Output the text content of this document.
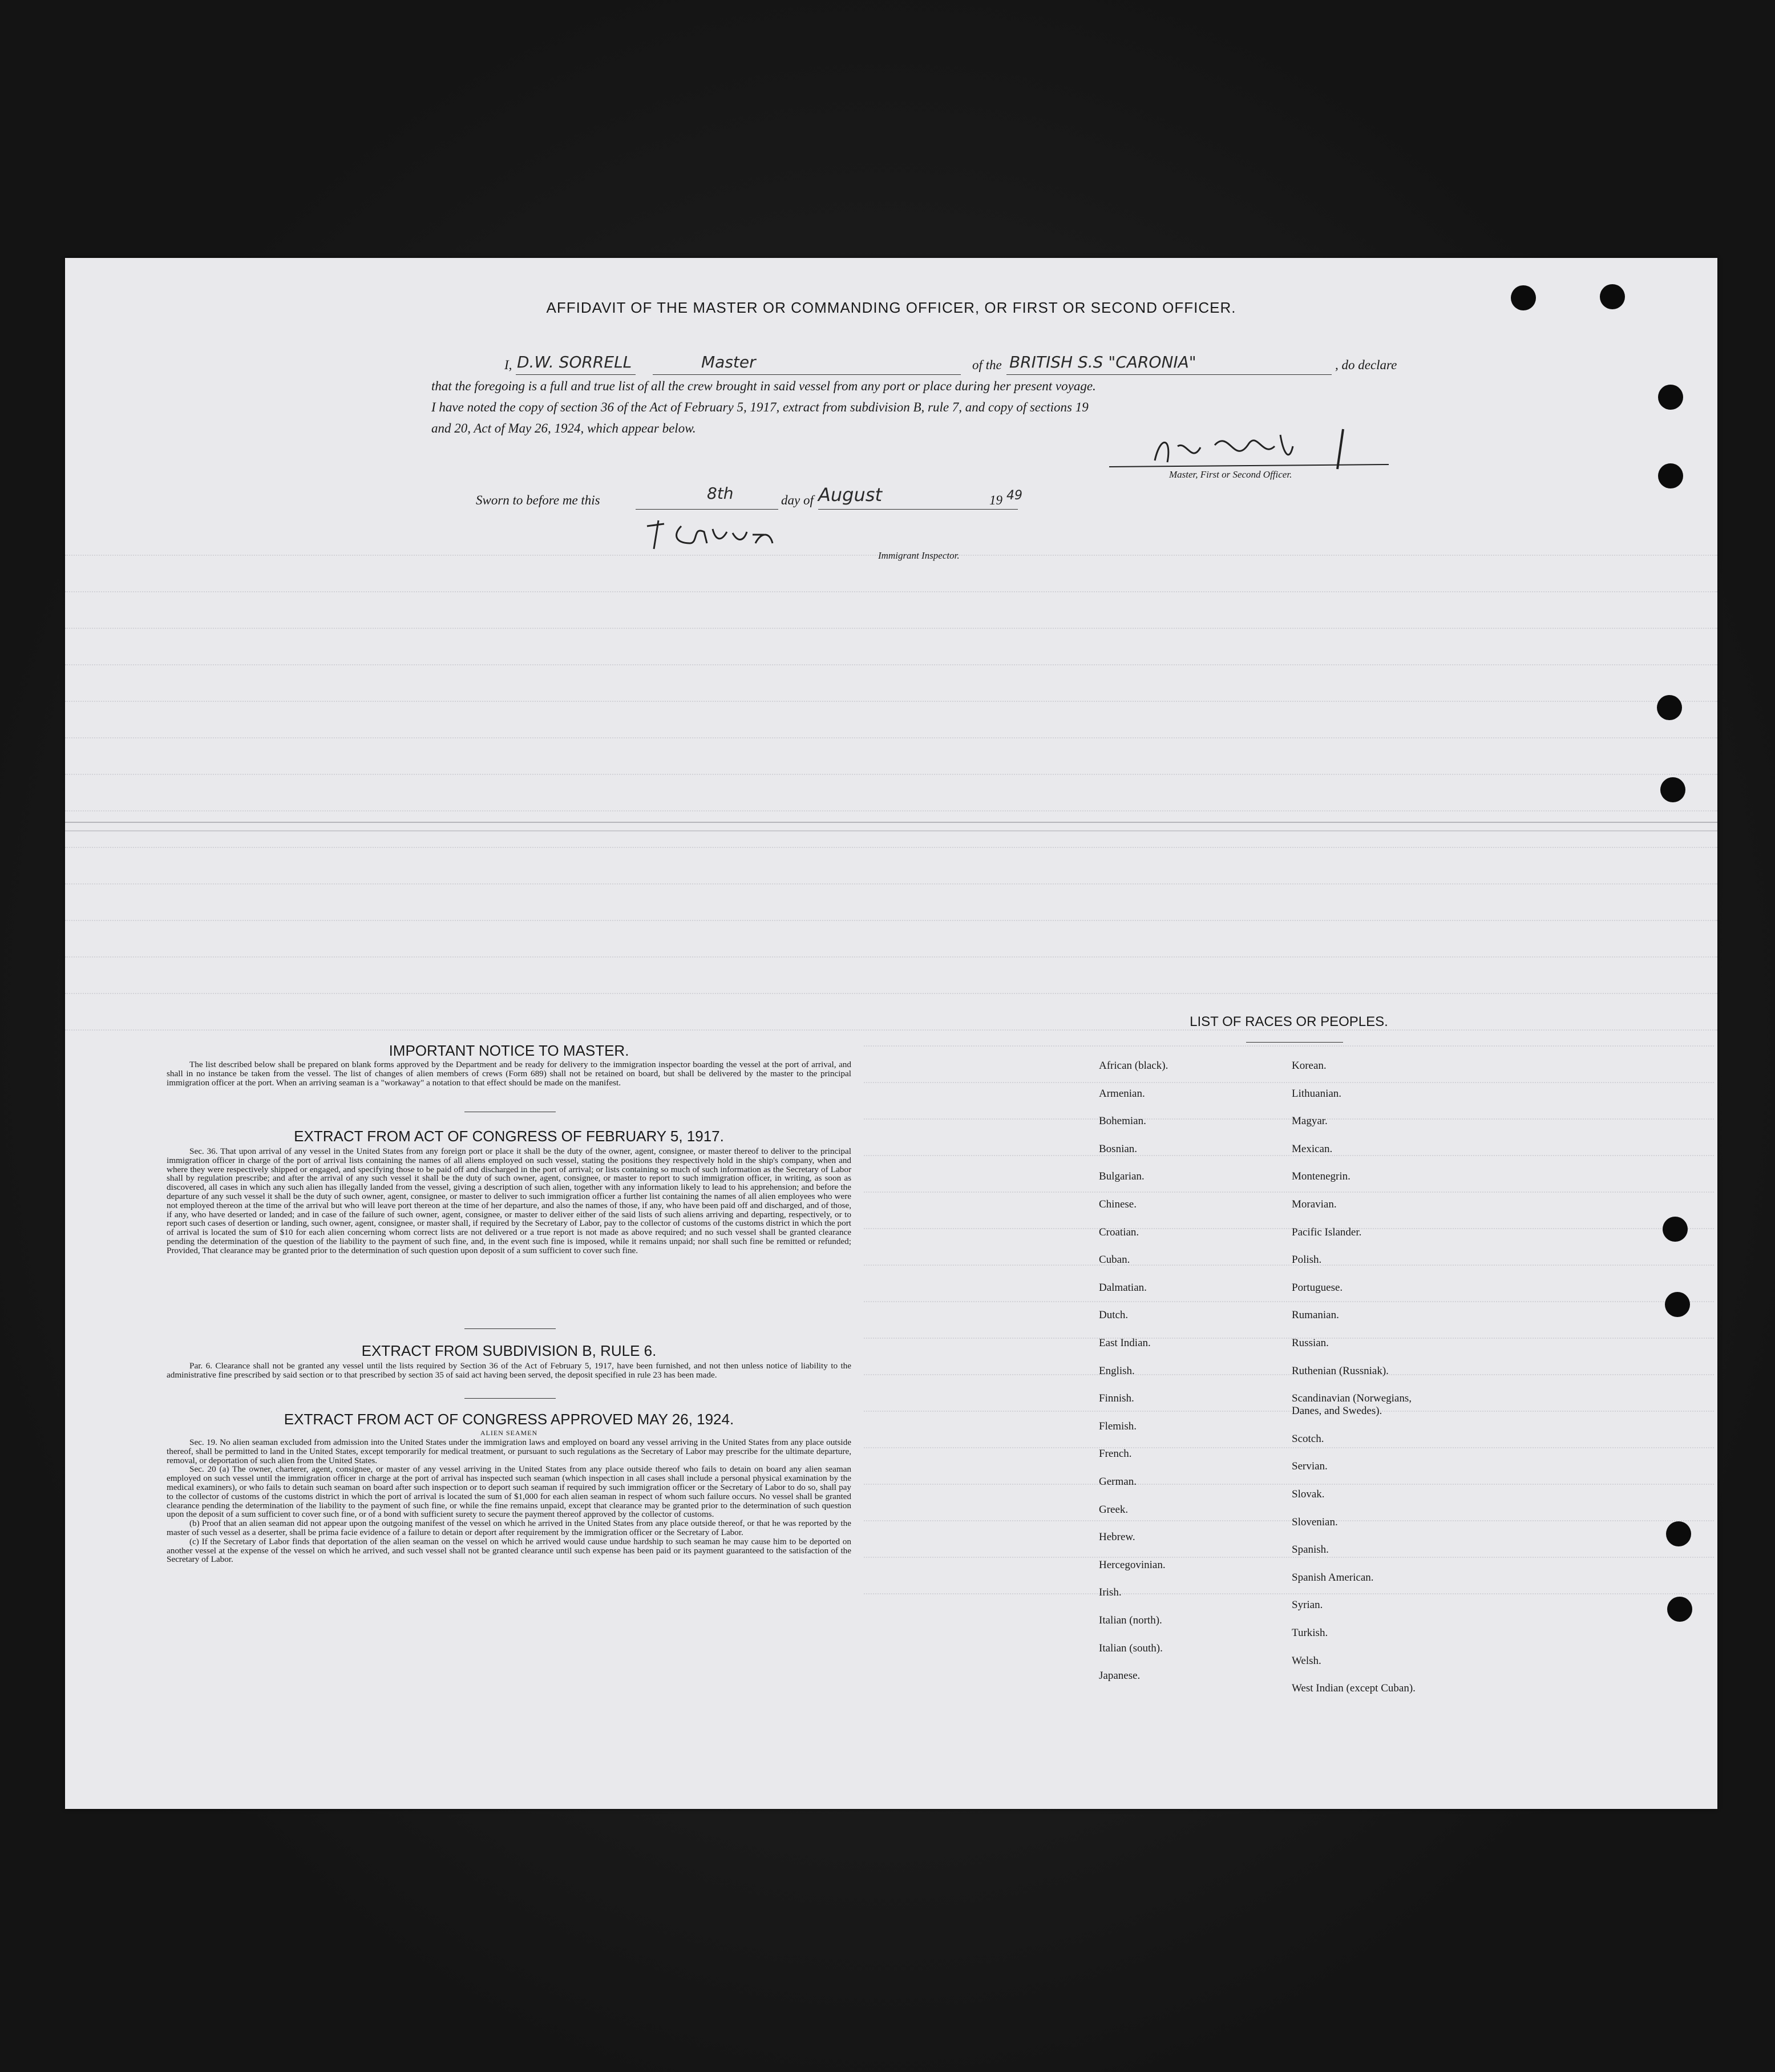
AFFIDAVIT OF THE MASTER OR COMMANDING OFFICER, OR FIRST OR SECOND OFFICER.
I, D.W. SORRELL	Master	of the BRITISH S.S "CARONIA"	, do declare
that the foregoing is a full and true list of all the crew brought in said vessel from any port or place during her present voyage.
I have noted the copy of section 36 of the Act of February 5, 1917, extract from subdivision B, rule 7, and copy of sections 19
and 20, Act of May 26, 1924, which appear below.
Master, First or Second Officer.
Sworn to before me this	8th	day of August	19 49
Immigrant Inspector.
IMPORTANT NOTICE TO MASTER.

The list described below shall be prepared on blank forms approved by the Department and be ready for delivery to the immigration inspector boarding the vessel at the port of arrival, and shall in no instance be taken from the vessel. The list of changes of alien members of crews (Form 689) shall not be retained on board, but shall be delivered by the master to the principal immigration officer at the port. When an arriving seaman is a "workaway" a notation to that effect should be made on the manifest.

EXTRACT FROM ACT OF CONGRESS OF FEBRUARY 5, 1917.

Sec. 36. That upon arrival of any vessel in the United States from any foreign port or place it shall be the duty of the owner, agent, consignee, or master thereof to deliver to the principal immigration officer in charge of the port of arrival lists containing the names of all aliens employed on such vessel, stating the positions they respectively hold in the ship's company, when and where they were respectively shipped or engaged, and specifying those to be paid off and discharged in the port of arrival; or lists containing so much of such information as the Secretary of Labor shall by regulation prescribe; and after the arrival of any such vessel it shall be the duty of such owner, agent, consignee, or master to report to such immigration officer, in writing, as soon as discovered, all cases in which any such alien has illegally landed from the vessel, giving a description of such alien, together with any information likely to lead to his apprehension; and before the departure of any such vessel it shall be the duty of such owner, agent, consignee, or master to deliver to such immigration officer a further list containing the names of all alien employees who were not employed thereon at the time of the arrival but who will leave port thereon at the time of her departure, and also the names of those, if any, who have been paid off and discharged, and of those, if any, who have deserted or landed; and in case of the failure of such owner, agent, consignee, or master to deliver either of the said lists of such aliens arriving and departing, respectively, or to report such cases of desertion or landing, such owner, agent, consignee, or master shall, if required by the Secretary of Labor, pay to the collector of customs of the customs district in which the port of arrival is located the sum of $10 for each alien concerning whom correct lists are not delivered or a true report is not made as above required; and no such vessel shall be granted clearance pending the determination of the question of the liability to the payment of such fine, and, in the event such fine is imposed, while it remains unpaid; nor shall such fine be remitted or refunded; Provided, That clearance may be granted prior to the determination of such question upon deposit of a sum sufficient to cover such fine.

EXTRACT FROM SUBDIVISION B, RULE 6.

Par. 6. Clearance shall not be granted any vessel until the lists required by Section 36 of the Act of February 5, 1917, have been furnished, and not then unless notice of liability to the administrative fine prescribed by said section or to that prescribed by section 35 of said act having been served, the deposit specified in rule 23 has been made.

EXTRACT FROM ACT OF CONGRESS APPROVED MAY 26, 1924.
ALIEN SEAMEN

Sec. 19. No alien seaman excluded from admission into the United States under the immigration laws and employed on board any vessel arriving in the United States from any place outside thereof, shall be permitted to land in the United States, except temporarily for medical treatment, or pursuant to such regulations as the Secretary of Labor may prescribe for the ultimate departure, removal, or deportation of such alien from the United States.

Sec. 20 (a) The owner, charterer, agent, consignee, or master of any vessel arriving in the United States from any place outside thereof who fails to detain on board any alien seaman employed on such vessel until the immigration officer in charge at the port of arrival has inspected such seaman (which inspection in all cases shall include a personal physical examination by the medical examiners), or who fails to detain such seaman on board after such inspection or to deport such seaman if required by such immigration officer or the Secretary of Labor to do so, shall pay to the collector of customs of the customs district in which the port of arrival is located the sum of $1,000 for each alien seaman in respect of whom such failure occurs. No vessel shall be granted clearance pending the determination of the liability to the payment of such fine, or while the fine remains unpaid, except that clearance may be granted prior to the determination of such question upon the deposit of a sum sufficient to cover such fine, or of a bond with sufficient surety to secure the payment thereof approved by the collector of customs.

(b) Proof that an alien seaman did not appear upon the outgoing manifest of the vessel on which he arrived in the United States from any place outside thereof, or that he was reported by the master of such vessel as a deserter, shall be prima facie evidence of a failure to detain or deport after requirement by the immigration officer or the Secretary of Labor.

(c) If the Secretary of Labor finds that deportation of the alien seaman on the vessel on which he arrived would cause undue hardship to such seaman he may cause him to be deported on another vessel at the expense of the vessel on which he arrived, and such vessel shall not be granted clearance until such expense has been paid or its payment guaranteed to the satisfaction of the Secretary of Labor.

LIST OF RACES OR PEOPLES.
African (black).
Armenian.
Bohemian.
Bosnian.
Bulgarian.
Chinese.
Croatian.
Cuban.
Dalmatian.
Dutch.
East Indian.
English.
Finnish.
Flemish.
French.
German.
Greek.
Hebrew.
Hercegovinian.
Irish.
Italian (north).
Italian (south).
Japanese.
Korean.
Lithuanian.
Magyar.
Mexican.
Montenegrin.
Moravian.
Pacific Islander.
Polish.
Portuguese.
Rumanian.
Russian.
Ruthenian (Russniak).
Scandinavian (Norwegians,
Danes, and Swedes).
Scotch.
Servian.
Slovak.
Slovenian.
Spanish.
Spanish American.
Syrian.
Turkish.
Welsh.
West Indian (except Cuban).
